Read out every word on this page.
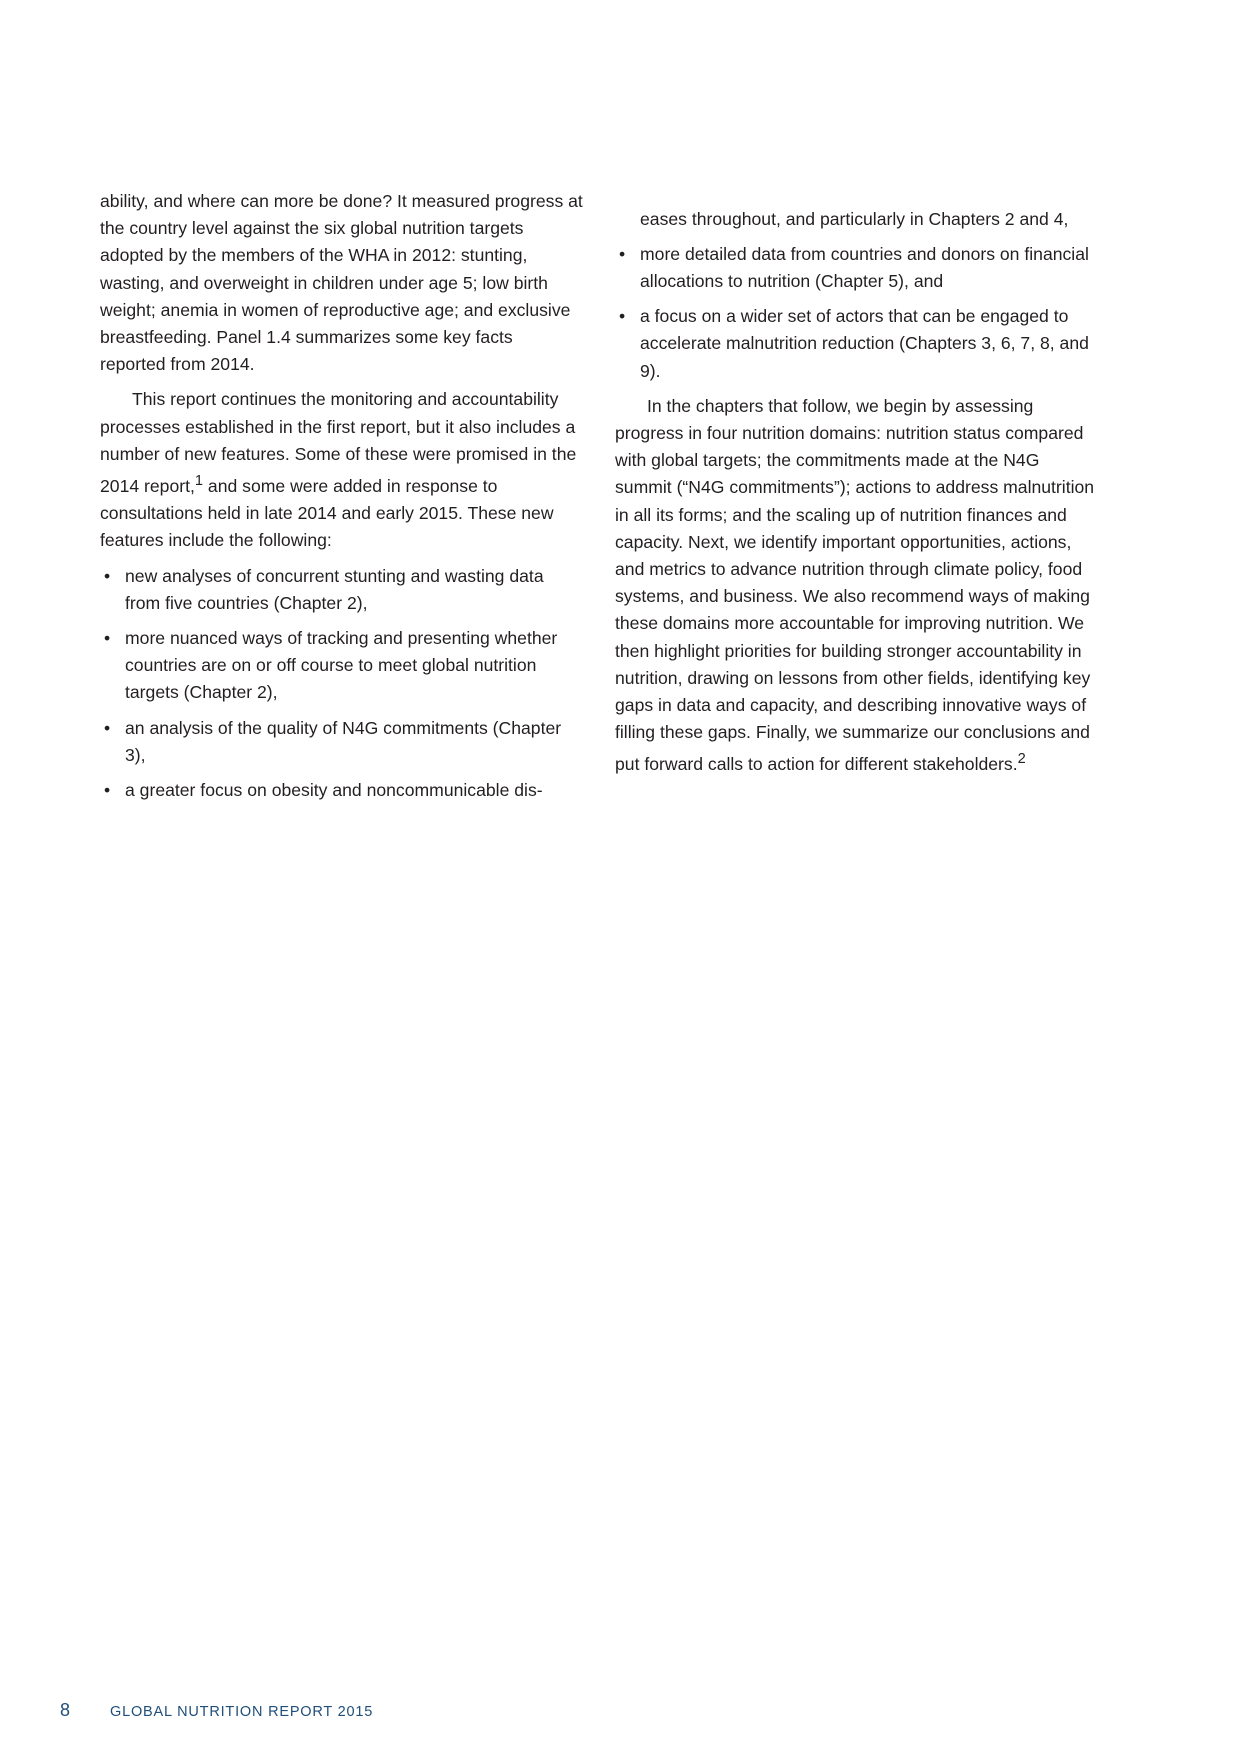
ability, and where can more be done? It measured progress at the country level against the six global nutrition targets adopted by the members of the WHA in 2012: stunting, wasting, and overweight in children under age 5; low birth weight; anemia in women of reproductive age; and exclusive breastfeeding. Panel 1.4 summarizes some key facts reported from 2014.

This report continues the monitoring and accountability processes established in the first report, but it also includes a number of new features. Some of these were promised in the 2014 report,$^1$ and some were added in response to consultations held in late 2014 and early 2015. These new features include the following:

• new analyses of concurrent stunting and wasting data from five countries (Chapter 2),
• more nuanced ways of tracking and presenting whether countries are on or off course to meet global nutrition targets (Chapter 2),
• an analysis of the quality of N4G commitments (Chapter 3),
• a greater focus on obesity and noncommunicable dis-

eases throughout, and particularly in Chapters 2 and 4,

• more detailed data from countries and donors on financial allocations to nutrition (Chapter 5), and
• a focus on a wider set of actors that can be engaged to accelerate malnutrition reduction (Chapters 3, 6, 7, 8, and 9).

In the chapters that follow, we begin by assessing progress in four nutrition domains: nutrition status compared with global targets; the commitments made at the N4G summit (“N4G commitments”); actions to address malnutrition in all its forms; and the scaling up of nutrition finances and capacity. Next, we identify important opportunities, actions, and metrics to advance nutrition through climate policy, food systems, and business. We also recommend ways of making these domains more accountable for improving nutrition. We then highlight priorities for building stronger accountability in nutrition, drawing on lessons from other fields, identifying key gaps in data and capacity, and describing innovative ways of filling these gaps. Finally, we summarize our conclusions and put forward calls to action for different stakeholders.$^2$

8	GLOBAL NUTRITION REPORT 2015
